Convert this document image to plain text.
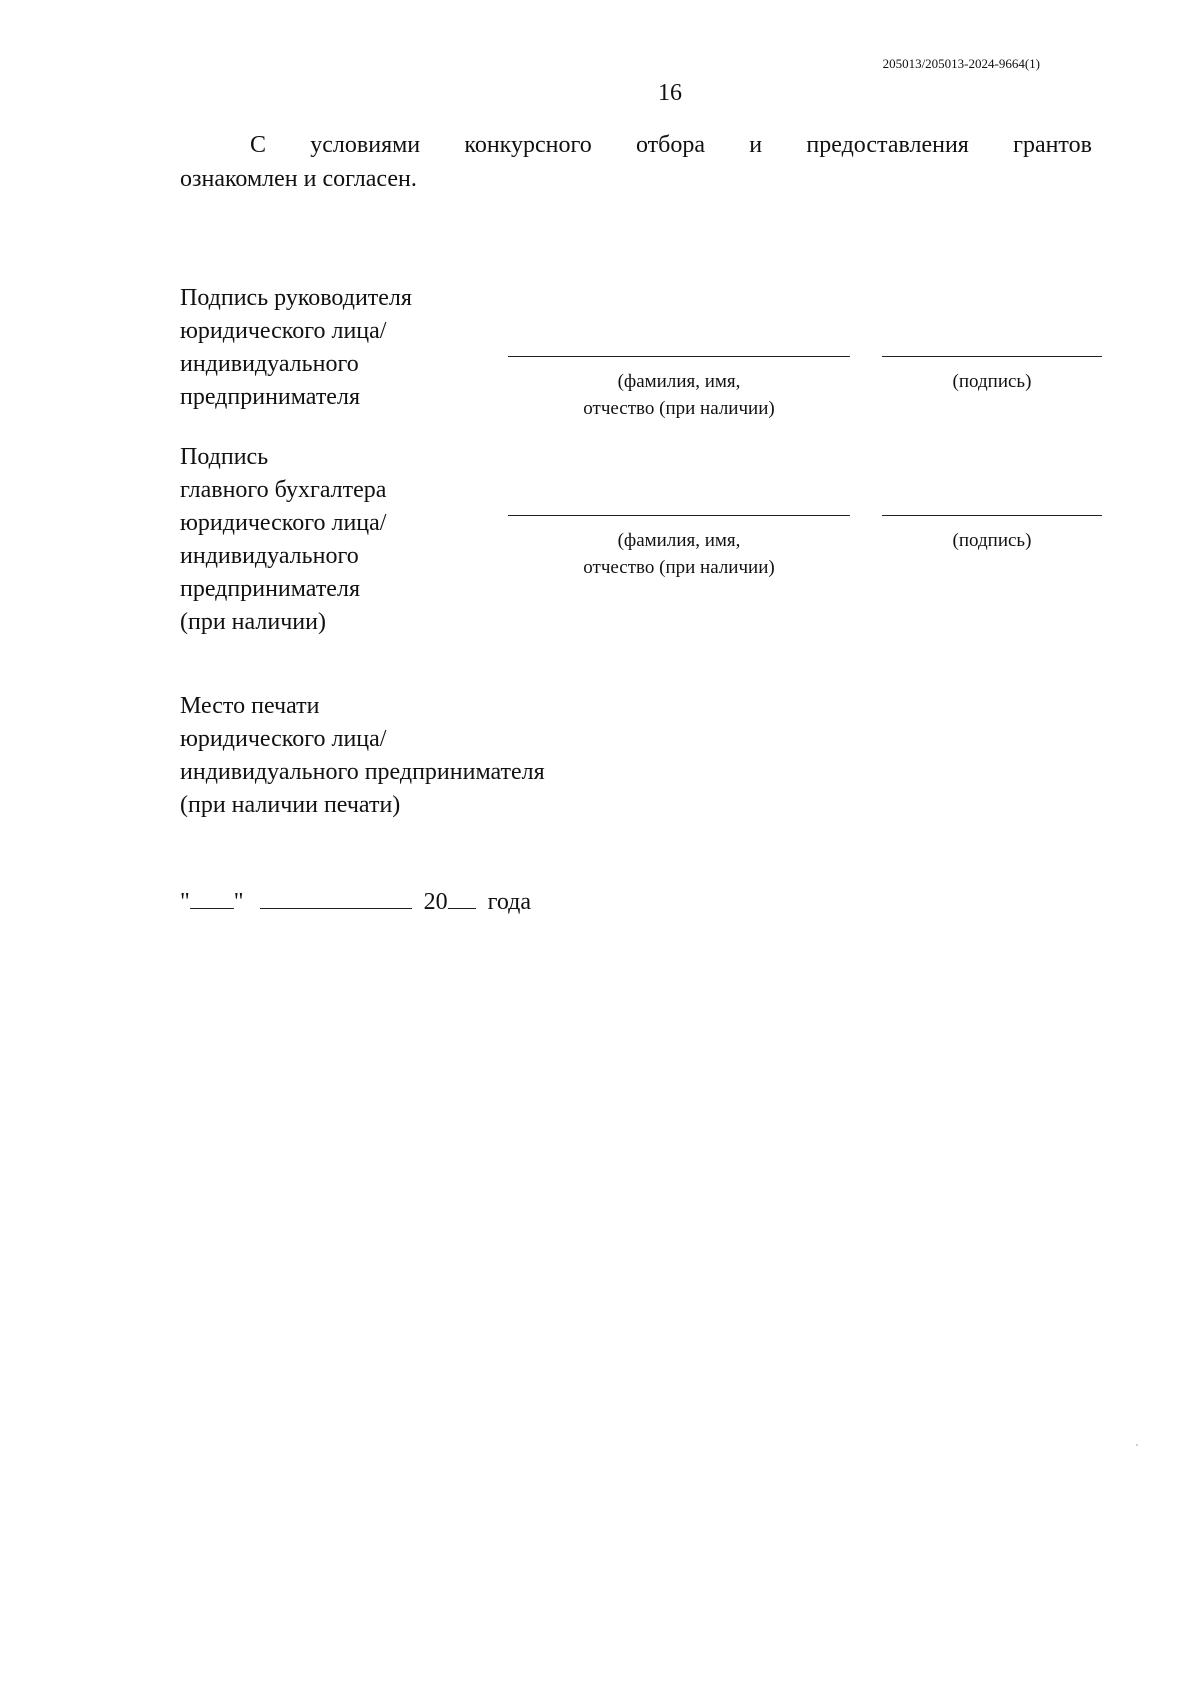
205013/205013-2024-9664(1)
16
С условиями конкурсного отбора и предоставления грантов
ознакомлен и согласен.
Подпись руководителя
юридического лица/
индивидуального
предпринимателя
(фамилия, имя,
отчество (при наличии)
(подпись)
Подпись
главного бухгалтера
юридического лица/
индивидуального
предпринимателя
(при наличии)
(фамилия, имя,
отчество (при наличии)
(подпись)
Место печати
юридического лица/
индивидуального предпринимателя
(при наличии печати)
" "	20 года
